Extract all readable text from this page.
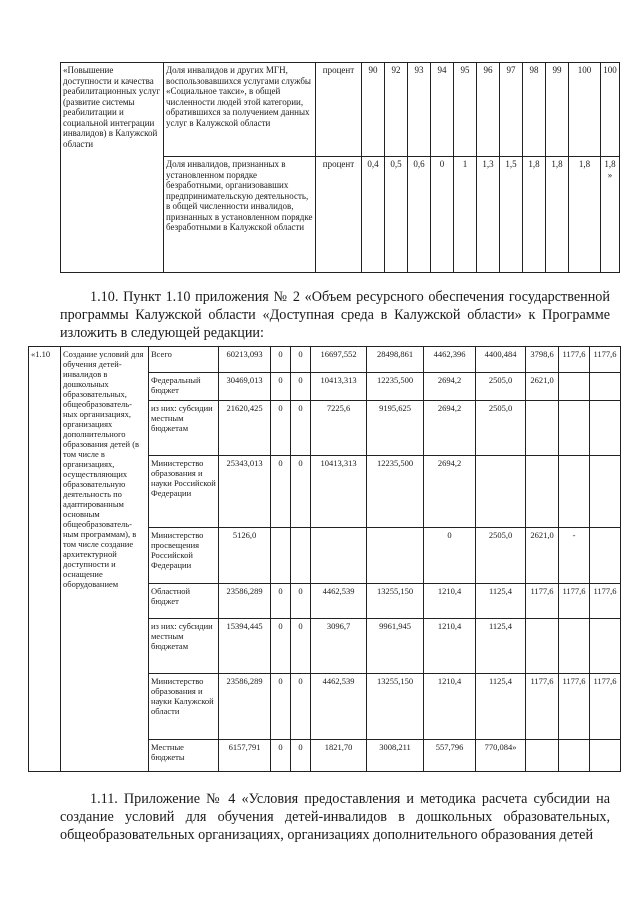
«Повышение доступности и качества реабилитационных услуг (развитие системы реабилитации и социальной интеграции инвалидов) в Калужской области	Доля инвалидов и других МГН, воспользовавшихся услугами службы «Социальное такси», в общей численности людей этой категории, обратившихся за получением данных услуг в Калужской области	процент	90	92	93	94	95	96	97	98	99	100	100
	Доля инвалидов, признанных в установленном порядке безработными, организовавших предпринимательскую деятельность, в общей численности инвалидов, признанных в установленном порядке безработными в Калужской области	процент	0,4	0,5	0,6	0	1	1,3	1,5	1,8	1,8	1,8	1,8»
1.10. Пункт 1.10 приложения № 2 «Объем ресурсного обеспечения государственной программы Калужской области «Доступная среда в Калужской области» к Программе изложить в следующей редакции:
«1.10	Создание условий для обучения детей-инвалидов в дошкольных образовательных, общеобразователь-ных организациях, организациях дополнительного образования детей (в том числе в организациях, осуществляющих образовательную деятельность по адаптированным основным общеобразователь-ным программам), в том числе создание архитектурной доступности и оснащение оборудованием	Всего	60213,093	0	0	16697,552	28498,861	4462,396	4400,484	3798,6	1177,6	1177,6
		Федеральный бюджет	30469,013	0	0	10413,313	12235,500	2694,2	2505,0	2621,0		
		из них: субсидии местным бюджетам	21620,425	0	0	7225,6	9195,625	2694,2	2505,0			
		Министерство образования и науки Российской Федерации	25343,013	0	0	10413,313	12235,500	2694,2				
		Министерство просвещения Российской Федерации	5126,0					0	2505,0	2621,0	-	
		Областной бюджет	23586,289	0	0	4462,539	13255,150	1210,4	1125,4	1177,6	1177,6	1177,6
		из них: субсидии местным бюджетам	15394,445	0	0	3096,7	9961,945	1210,4	1125,4			
		Министерство образования и науки Калужской области	23586,289	0	0	4462,539	13255,150	1210,4	1125,4	1177,6	1177,6	1177,6
		Местные бюджеты	6157,791	0	0	1821,70	3008,211	557,796	770,084»			
1.11. Приложение № 4 «Условия предоставления и методика расчета субсидии на создание условий для обучения детей-инвалидов в дошкольных образовательных, общеобразовательных организациях, организациях дополнительного образования детей
